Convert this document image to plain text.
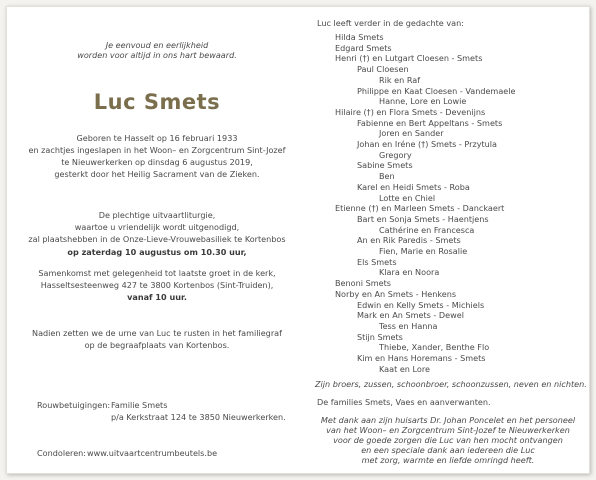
Je eenvoud en eerlijkheid
worden voor altijd in ons hart bewaard.
Luc Smets
Geboren te Hasselt op 16 februari 1933
en zachtjes ingeslapen in het Woon– en Zorgcentrum Sint-Jozef
te Nieuwerkerken op dinsdag 6 augustus 2019,
gesterkt door het Heilig Sacrament van de Zieken.
De plechtige uitvaartliturgie,
waartoe u vriendelijk wordt uitgenodigd,
zal plaatshebben in de Onze-Lieve-Vrouwebasiliek te Kortenbos
op zaterdag 10 augustus om 10.30 uur,
Samenkomst met gelegenheid tot laatste groet in de kerk,
Hasseltsesteenweg 427 te 3800 Kortenbos (Sint-Truiden),
vanaf 10 uur.
Nadien zetten we de urne van Luc te rusten in het familiegraf
op de begraafplaats van Kortenbos.
Rouwbetuigingen: Familie Smets
p/a Kerkstraat 124 te 3850 Nieuwerkerken.
Condoleren: www.uitvaartcentrumbeutels.be
Luc leeft verder in de gedachte van:
Hilda Smets
Edgard Smets
Henri (†) en Lutgart Cloesen - Smets
Paul Cloesen
Rik en Raf
Philippe en Kaat Cloesen - Vandemaele
Hanne, Lore en Lowie
Hilaire (†) en Flora Smets - Devenijns
Fabienne en Bert Appeltans - Smets
Joren en Sander
Johan en Iréne (†) Smets - Przytula
Gregory
Sabine Smets
Ben
Karel en Heidi Smets - Roba
Lotte en Chiel
Etienne (†) en Marleen Smets - Danckaert
Bart en Sonja Smets - Haentjens
Cathérine en Francesca
An en Rik Paredis - Smets
Fien, Marie en Rosalie
Els Smets
Klara en Noora
Benoni Smets
Norby en An Smets - Henkens
Edwin en Kelly Smets - Michiels
Mark en An Smets - Dewel
Tess en Hanna
Stijn Smets
Thiebe, Xander, Benthe Flo
Kim en Hans Horemans - Smets
Kaat en Lore
Zijn broers, zussen, schoonbroer, schoonzussen, neven en nichten.
De families Smets, Vaes en aanverwanten.
Met dank aan zijn huisarts Dr. Johan Poncelet en het personeel
van het Woon– en Zorgcentrum Sint-Jozef te Nieuwerkerken
voor de goede zorgen die Luc van hen mocht ontvangen
en een speciale dank aan iedereen die Luc
met zorg, warmte en liefde omringd heeft.
